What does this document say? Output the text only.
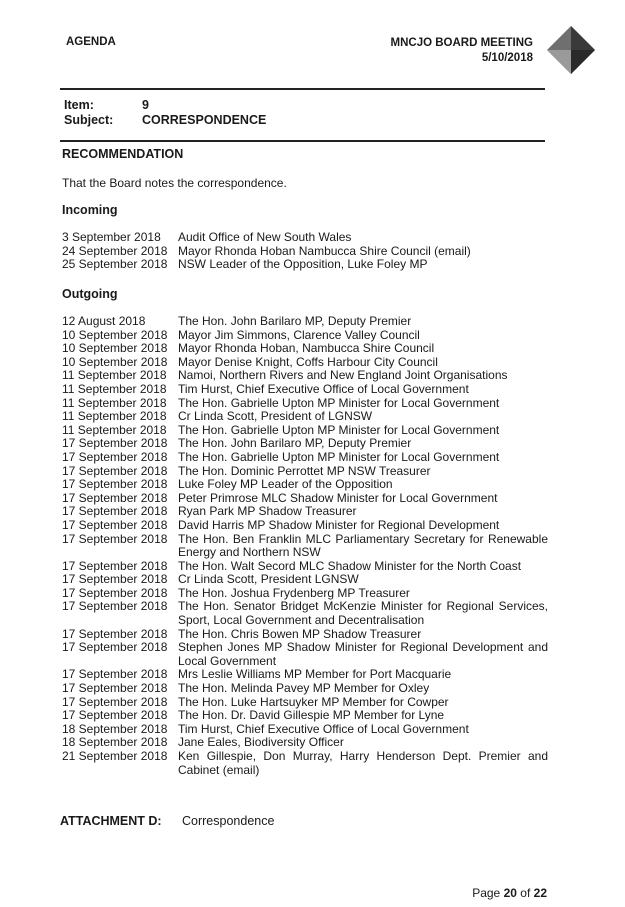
AGENDA	MNCJO BOARD MEETING
5/10/2018
Item:	9
Subject: CORRESPONDENCE
RECOMMENDATION
That the Board notes the correspondence.
Incoming
3 September 2018	Audit Office of New South Wales
24 September 2018 Mayor Rhonda Hoban Nambucca Shire Council (email)
25 September 2018 NSW Leader of the Opposition, Luke Foley MP
Outgoing
12 August 2018	The Hon. John Barilaro MP, Deputy Premier
10 September 2018 Mayor Jim Simmons, Clarence Valley Council
10 September 2018 Mayor Rhonda Hoban, Nambucca Shire Council
10 September 2018 Mayor Denise Knight, Coffs Harbour City Council
11 September 2018 Namoi, Northern Rivers and New England Joint Organisations
11 September 2018 Tim Hurst, Chief Executive Office of Local Government
11 September 2018 The Hon. Gabrielle Upton MP Minister for Local Government
11 September 2018 Cr Linda Scott, President of LGNSW
11 September 2018 The Hon. Gabrielle Upton MP Minister for Local Government
17 September 2018 The Hon. John Barilaro MP, Deputy Premier
17 September 2018 The Hon. Gabrielle Upton MP Minister for Local Government
17 September 2018 The Hon. Dominic Perrottet MP NSW Treasurer
17 September 2018 Luke Foley MP Leader of the Opposition
17 September 2018 Peter Primrose MLC Shadow Minister for Local Government
17 September 2018 Ryan Park MP Shadow Treasurer
17 September 2018 David Harris MP Shadow Minister for Regional Development
17 September 2018 The Hon. Ben Franklin MLC Parliamentary Secretary for Renewable Energy and Northern NSW
17 September 2018 The Hon. Walt Secord MLC Shadow Minister for the North Coast
17 September 2018 Cr Linda Scott, President LGNSW
17 September 2018 The Hon. Joshua Frydenberg MP Treasurer
17 September 2018 The Hon. Senator Bridget McKenzie Minister for Regional Services, Sport, Local Government and Decentralisation
17 September 2018 The Hon. Chris Bowen MP Shadow Treasurer
17 September 2018 Stephen Jones MP Shadow Minister for Regional Development and Local Government
17 September 2018 Mrs Leslie Williams MP Member for Port Macquarie
17 September 2018 The Hon. Melinda Pavey MP Member for Oxley
17 September 2018 The Hon. Luke Hartsuyker MP Member for Cowper
17 September 2018 The Hon. Dr. David Gillespie MP Member for Lyne
18 September 2018 Tim Hurst, Chief Executive Office of Local Government
18 September 2018 Jane Eales, Biodiversity Officer
21 September 2018 Ken Gillespie, Don Murray, Harry Henderson Dept. Premier and Cabinet (email)
ATTACHMENT D: Correspondence
Page 20 of 22
